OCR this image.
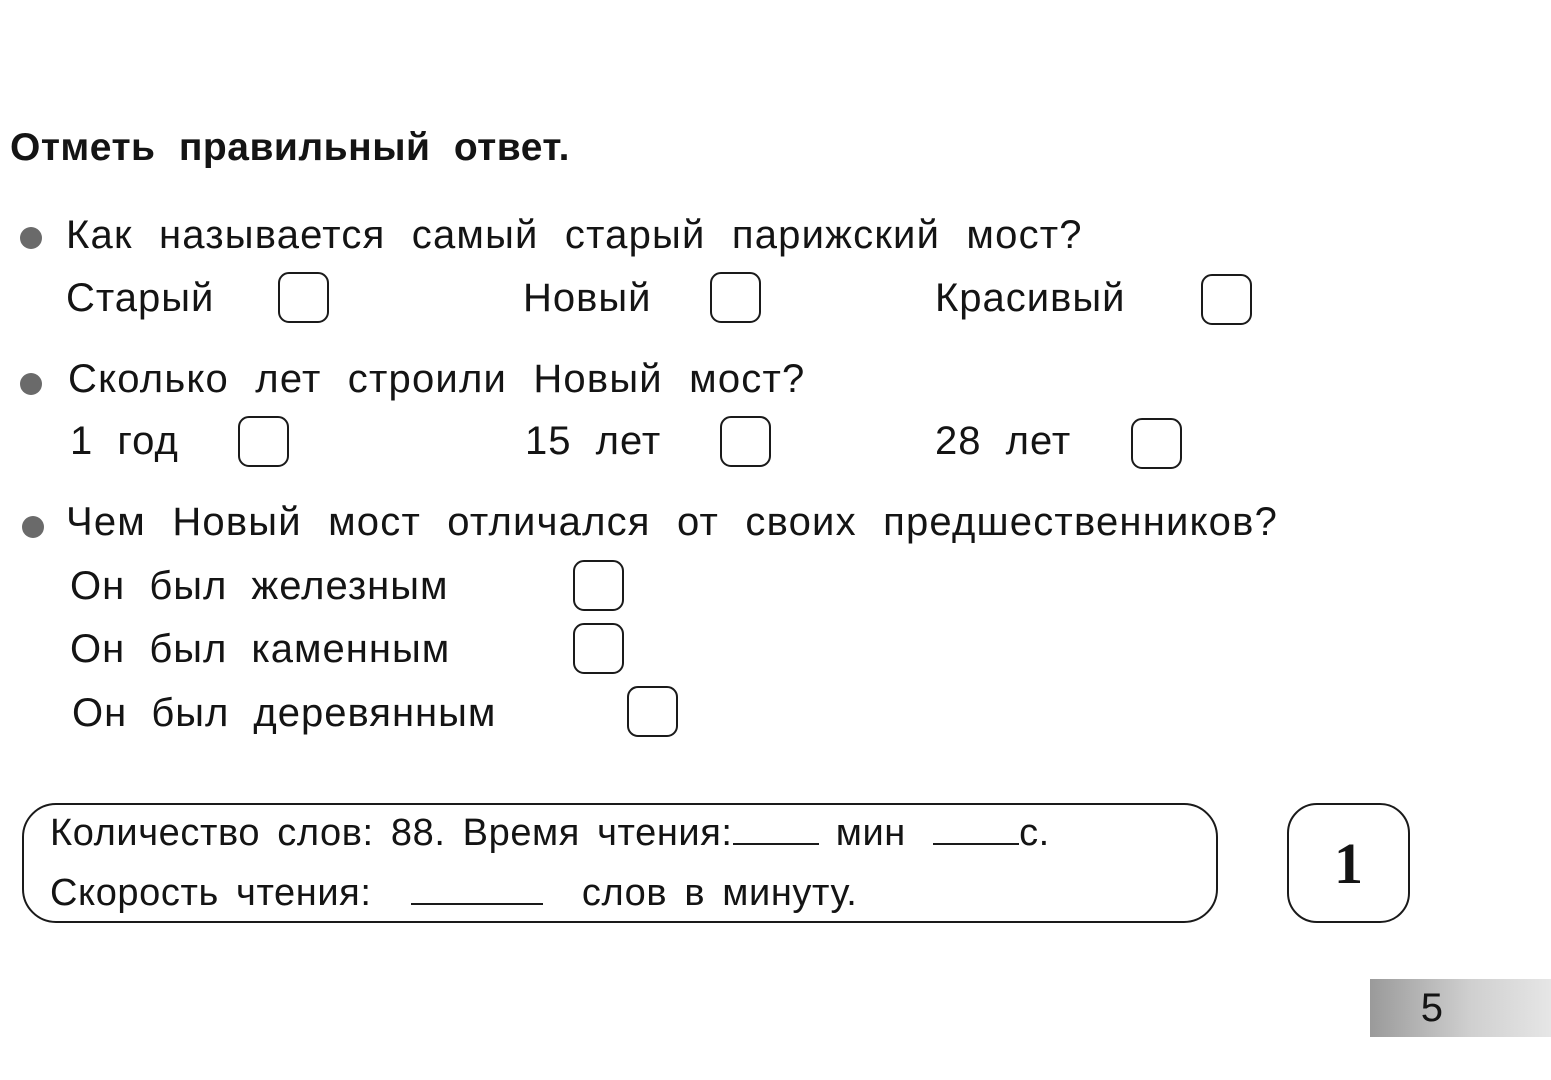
Отметь правильный ответ.
Как называется самый старый парижский мост?
Старый	Новый	Красивый
Сколько лет строили Новый мост?
1 год	15 лет	28 лет
Чем Новый мост отличался от своих предшественников?
Он был железным
Он был каменным
Он был деревянным
Количество слов: 88. Время чтения:	мин	с.
Скорость чтения:	слов в минуту.	1
5
